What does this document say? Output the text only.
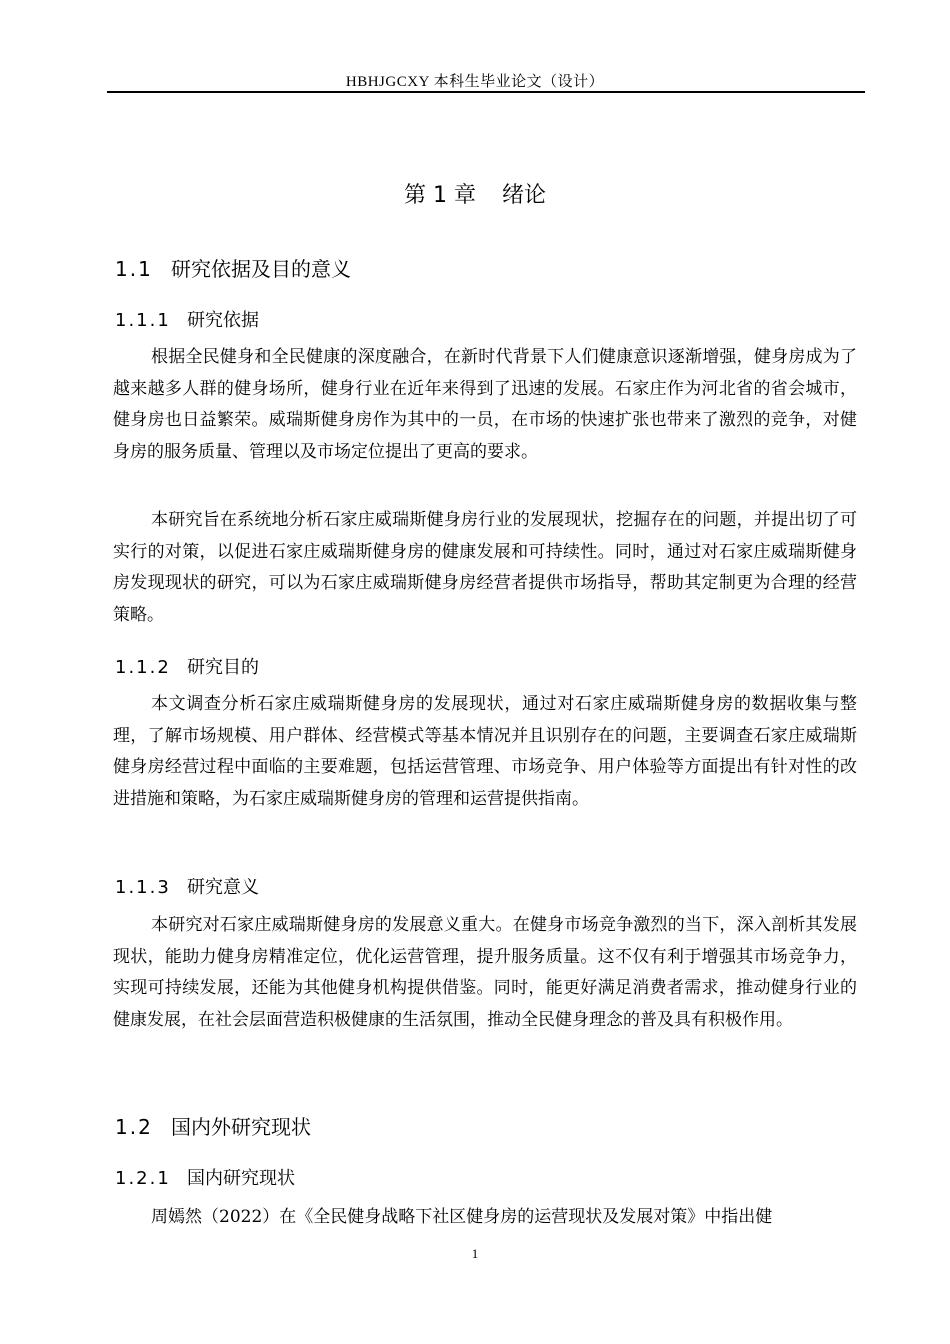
HBHJGCXY 本科生毕业论文（设计）
第 1 章 绪论
1.1 研究依据及目的意义
1.1.1 研究依据

根据全民健身和全民健康的深度融合，在新时代背景下人们健康意识逐渐增强，健身房成为了越来越多人群的健身场所，健身行业在近年来得到了迅速的发展。石家庄作为河北省的省会城市，健身房也日益繁荣。威瑞斯健身房作为其中的一员，在市场的快速扩张也带来了激烈的竞争，对健身房的服务质量、管理以及市场定位提出了更高的要求。

本研究旨在系统地分析石家庄威瑞斯健身房行业的发展现状，挖掘存在的问题，并提出切了可实行的对策，以促进石家庄威瑞斯健身房的健康发展和可持续性。同时，通过对石家庄威瑞斯健身房发现现状的研究，可以为石家庄威瑞斯健身房经营者提供市场指导，帮助其定制更为合理的经营策略。

1.1.2 研究目的

本文调查分析石家庄威瑞斯健身房的发展现状，通过对石家庄威瑞斯健身房的数据收集与整理，了解市场规模、用户群体、经营模式等基本情况并且识别存在的问题，主要调查石家庄威瑞斯健身房经营过程中面临的主要难题，包括运营管理、市场竞争、用户体验等方面提出有针对性的改进措施和策略，为石家庄威瑞斯健身房的管理和运营提供指南。

1.1.3 研究意义

本研究对石家庄威瑞斯健身房的发展意义重大。在健身市场竞争激烈的当下，深入剖析其发展现状，能助力健身房精准定位，优化运营管理，提升服务质量。这不仅有利于增强其市场竞争力，实现可持续发展，还能为其他健身机构提供借鉴。同时，能更好满足消费者需求，推动健身行业的健康发展，在社会层面营造积极健康的生活氛围，推动全民健身理念的普及具有积极作用。

1.2 国内外研究现状
1.2.1 国内研究现状

周嫣然（2022）在《全民健身战略下社区健身房的运营现状及发展对策》中指出健

1
